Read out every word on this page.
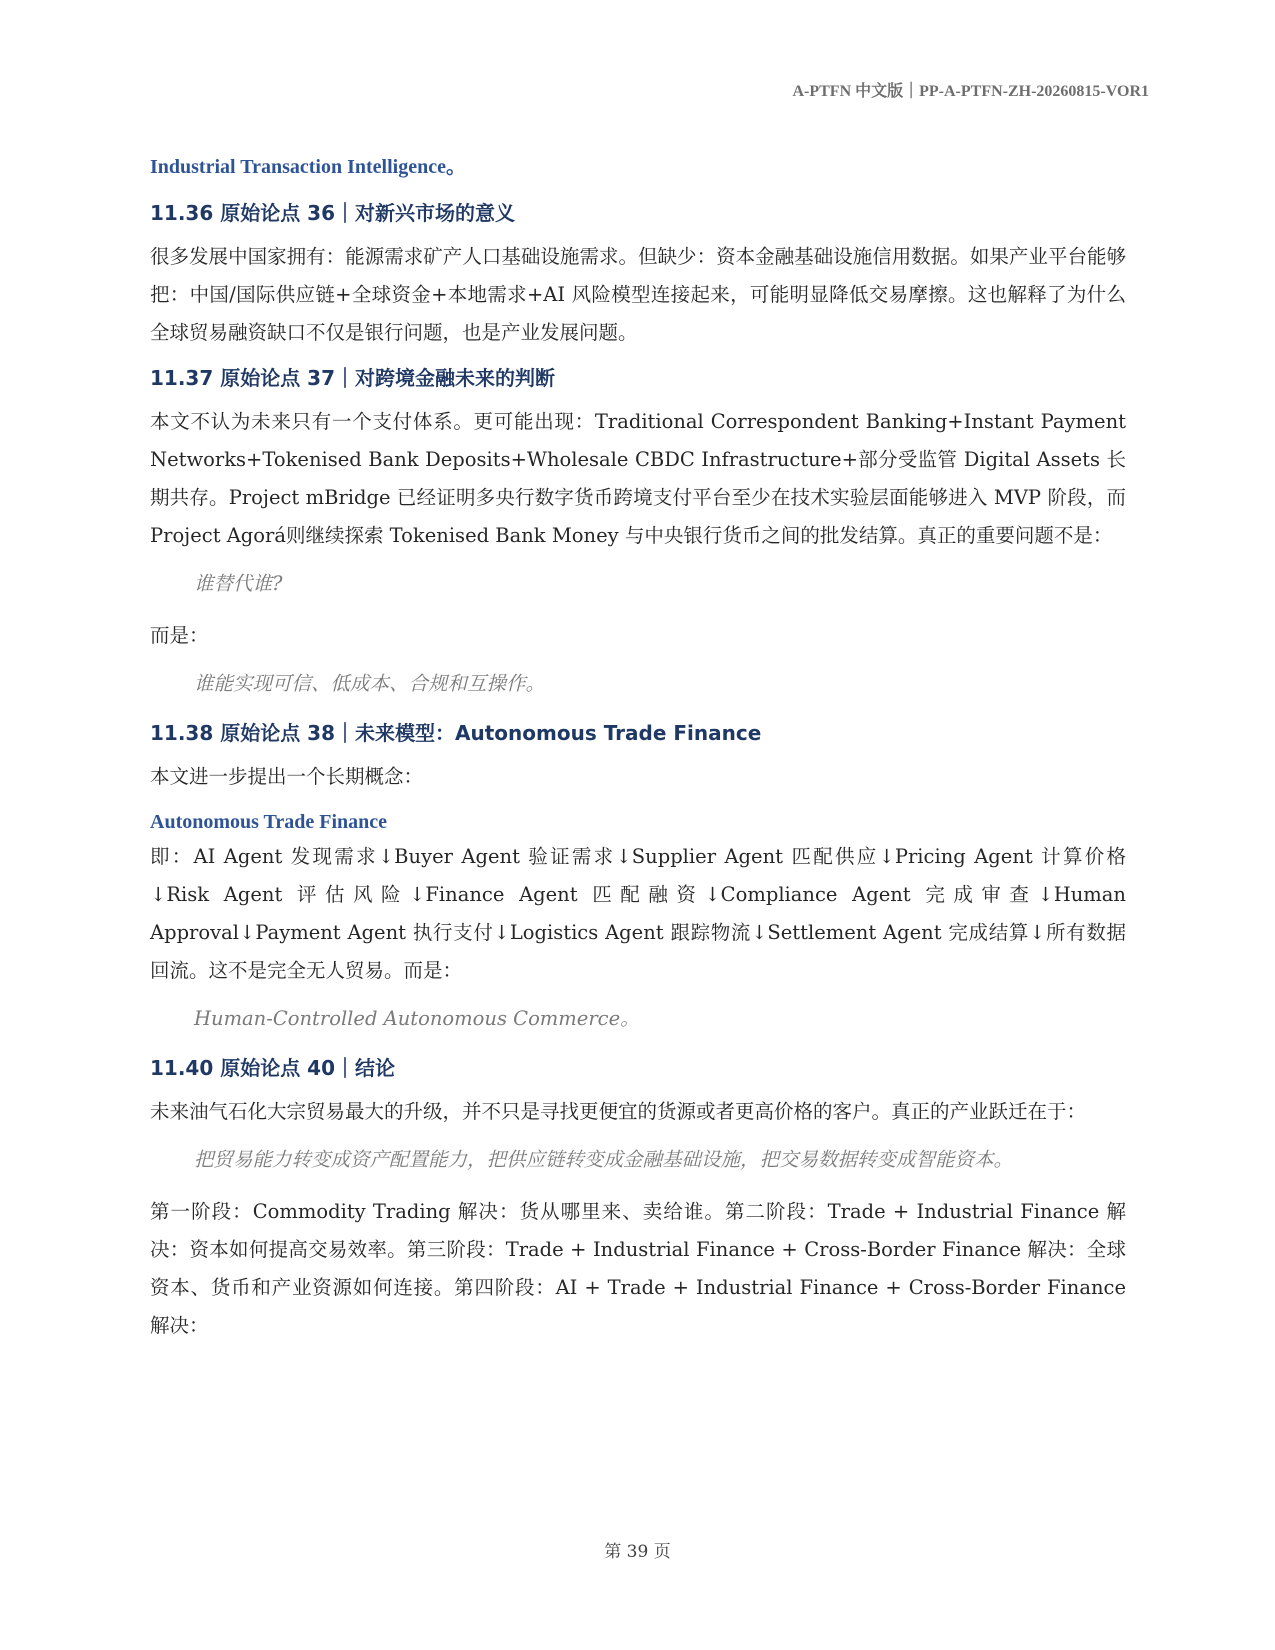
A-PTFN 中文版｜PP-A-PTFN-ZH-20260815-VOR1
Industrial Transaction Intelligence。
11.36 原始论点 36｜对新兴市场的意义

很多发展中国家拥有：能源需求矿产人口基础设施需求。但缺少：资本金融基础设施信用数据。如果产业平台能够把：中国/国际供应链+全球资金+本地需求+AI 风险模型连接起来，可能明显降低交易摩擦。这也解释了为什么全球贸易融资缺口不仅是银行问题，也是产业发展问题。

11.37 原始论点 37｜对跨境金融未来的判断

本文不认为未来只有一个支付体系。更可能出现：Traditional Correspondent Banking+Instant Payment Networks+Tokenised Bank Deposits+Wholesale CBDC Infrastructure+部分受监管 Digital Assets 长期共存。Project mBridge 已经证明多央行数字货币跨境支付平台至少在技术实验层面能够进入 MVP 阶段，而 Project Agorá则继续探索 Tokenised Bank Money 与中央银行货币之间的批发结算。真正的重要问题不是：

谁替代谁?

而是：

谁能实现可信、低成本、合规和互操作。
11.38 原始论点 38｜未来模型：Autonomous Trade Finance

本文进一步提出一个长期概念：

Autonomous Trade Finance

即：AI Agent 发现需求↓Buyer Agent 验证需求↓Supplier Agent 匹配供应↓Pricing Agent 计算价格↓Risk Agent 评估风险↓Finance Agent 匹配融资↓Compliance Agent 完成审查↓Human Approval↓Payment Agent 执行支付↓Logistics Agent 跟踪物流↓Settlement Agent 完成结算↓所有数据回流。这不是完全无人贸易。而是：

Human-Controlled Autonomous Commerce。
11.40 原始论点 40｜结论

未来油气石化大宗贸易最大的升级，并不只是寻找更便宜的货源或者更高价格的客户。真正的产业跃迁在于：

把贸易能力转变成资产配置能力，把供应链转变成金融基础设施，把交易数据转变成智能资本。

第一阶段：Commodity Trading 解决：货从哪里来、卖给谁。第二阶段：Trade + Industrial Finance 解决：资本如何提高交易效率。第三阶段：Trade + Industrial Finance + Cross-Border Finance 解决：全球资本、货币和产业资源如何连接。第四阶段：AI + Trade + Industrial Finance + Cross-Border Finance 解决：

第 39 页
